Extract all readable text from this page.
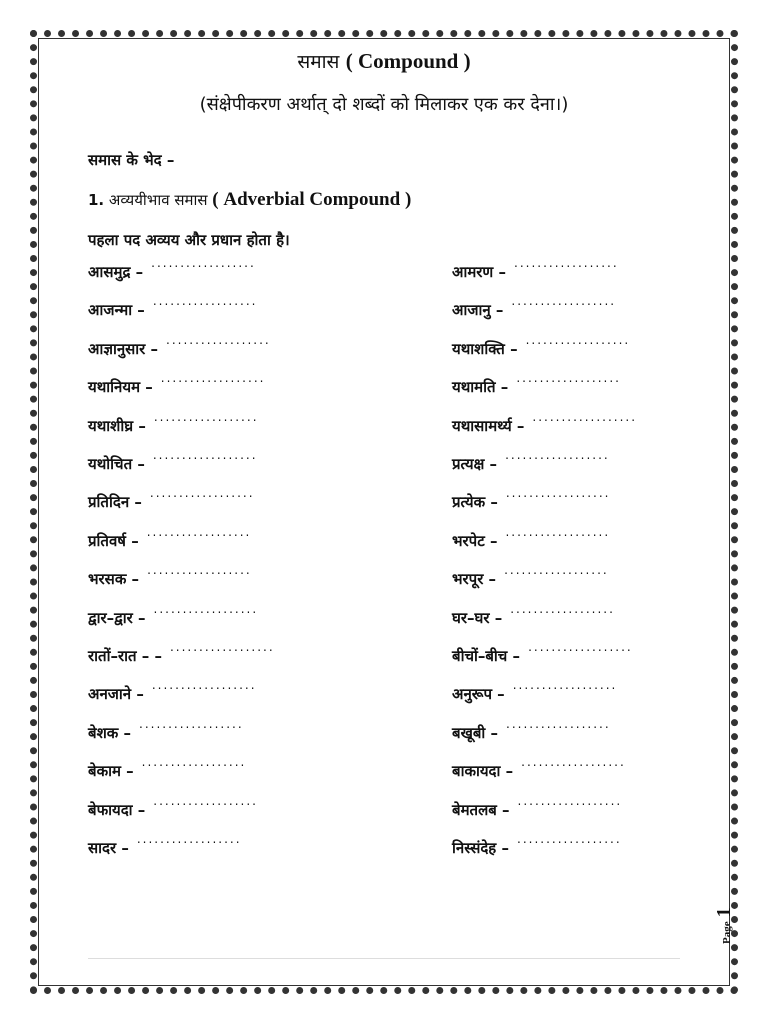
समास ( Compound )
(संक्षेपीकरण अर्थात् दो शब्दों को मिलाकर एक कर देना।)
समास के भेद –
1. अव्ययीभाव समास ( Adverbial Compound )
पहला पद अव्यय और प्रधान होता है।
आसमुद्र – ..................	आमरण – ..................
आजन्मा – ..................	आजानु – ..................
आज्ञानुसार – ..................	यथाशक्ति – ..................
यथानियम – ..................	यथामति – ..................
यथाशीघ्र – ..................	यथासामर्थ्य – ..................
यथोचित – ..................	प्रत्यक्ष – ..................
प्रतिदिन – ..................	प्रत्येक – ..................
प्रतिवर्ष – ..................	भरपेट – ..................
भरसक – ..................	भरपूर – ..................
द्वार–द्वार – ..................	घर–घर – ..................
रातों–रात – – ..................	बीचों–बीच – ..................
अनजाने – ..................	अनुरूप – ..................
बेशक – ..................	बखूबी – ..................
बेकाम – ..................	बाकायदा – ..................
बेफायदा – ..................	बेमतलब – ..................
सादर – ..................	निस्संदेह – ..................
Page 1
